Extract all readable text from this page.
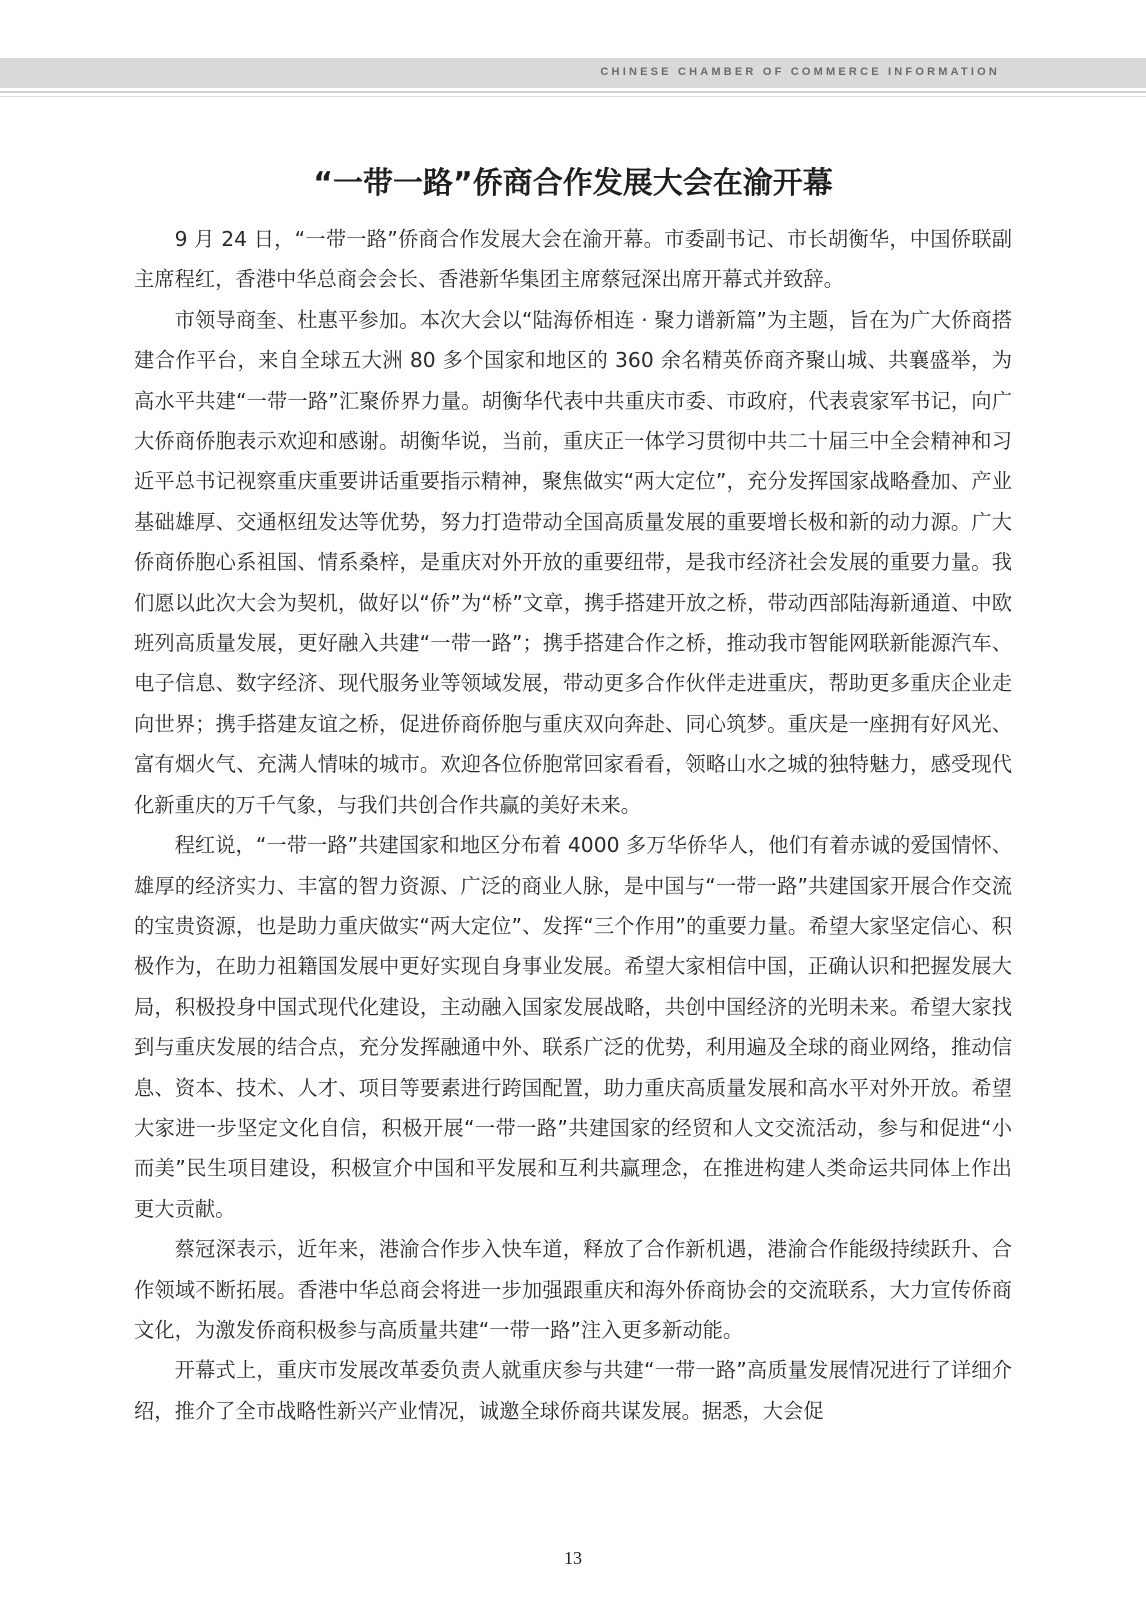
CHINESE CHAMBER OF COMMERCE INFORMATION
“一带一路”侨商合作发展大会在渝开幕

9 月 24 日，“一带一路”侨商合作发展大会在渝开幕。市委副书记、市长胡衡华，中国侨联副主席程红，香港中华总商会会长、香港新华集团主席蔡冠深出席开幕式并致辞。

市领导商奎、杜惠平参加。本次大会以“陆海侨相连 · 聚力谱新篇”为主题，旨在为广大侨商搭建合作平台，来自全球五大洲 80 多个国家和地区的 360 余名精英侨商齐聚山城、共襄盛举，为高水平共建“一带一路”汇聚侨界力量。胡衡华代表中共重庆市委、市政府，代表袁家军书记，向广大侨商侨胞表示欢迎和感谢。胡衡华说，当前，重庆正一体学习贯彻中共二十届三中全会精神和习近平总书记视察重庆重要讲话重要指示精神，聚焦做实“两大定位”，充分发挥国家战略叠加、产业基础雄厚、交通枢纽发达等优势，努力打造带动全国高质量发展的重要增长极和新的动力源。广大侨商侨胞心系祖国、情系桑梓，是重庆对外开放的重要纽带，是我市经济社会发展的重要力量。我们愿以此次大会为契机，做好以“侨”为“桥”文章，携手搭建开放之桥，带动西部陆海新通道、中欧班列高质量发展，更好融入共建“一带一路”；携手搭建合作之桥，推动我市智能网联新能源汽车、电子信息、数字经济、现代服务业等领域发展，带动更多合作伙伴走进重庆，帮助更多重庆企业走向世界；携手搭建友谊之桥，促进侨商侨胞与重庆双向奔赴、同心筑梦。重庆是一座拥有好风光、富有烟火气、充满人情味的城市。欢迎各位侨胞常回家看看，领略山水之城的独特魅力，感受现代化新重庆的万千气象，与我们共创合作共赢的美好未来。

程红说，“一带一路”共建国家和地区分布着 4000 多万华侨华人，他们有着赤诚的爱国情怀、雄厚的经济实力、丰富的智力资源、广泛的商业人脉，是中国与“一带一路”共建国家开展合作交流的宝贵资源，也是助力重庆做实“两大定位”、发挥“三个作用”的重要力量。希望大家坚定信心、积极作为，在助力祖籍国发展中更好实现自身事业发展。希望大家相信中国，正确认识和把握发展大局，积极投身中国式现代化建设，主动融入国家发展战略，共创中国经济的光明未来。希望大家找到与重庆发展的结合点，充分发挥融通中外、联系广泛的优势，利用遍及全球的商业网络，推动信息、资本、技术、人才、项目等要素进行跨国配置，助力重庆高质量发展和高水平对外开放。希望大家进一步坚定文化自信，积极开展“一带一路”共建国家的经贸和人文交流活动，参与和促进“小而美”民生项目建设，积极宣介中国和平发展和互利共赢理念，在推进构建人类命运共同体上作出更大贡献。

蔡冠深表示，近年来，港渝合作步入快车道，释放了合作新机遇，港渝合作能级持续跃升、合作领域不断拓展。香港中华总商会将进一步加强跟重庆和海外侨商协会的交流联系，大力宣传侨商文化，为激发侨商积极参与高质量共建“一带一路”注入更多新动能。

开幕式上，重庆市发展改革委负责人就重庆参与共建“一带一路”高质量发展情况进行了详细介绍，推介了全市战略性新兴产业情况，诚邀全球侨商共谋发展。据悉，大会促

13
